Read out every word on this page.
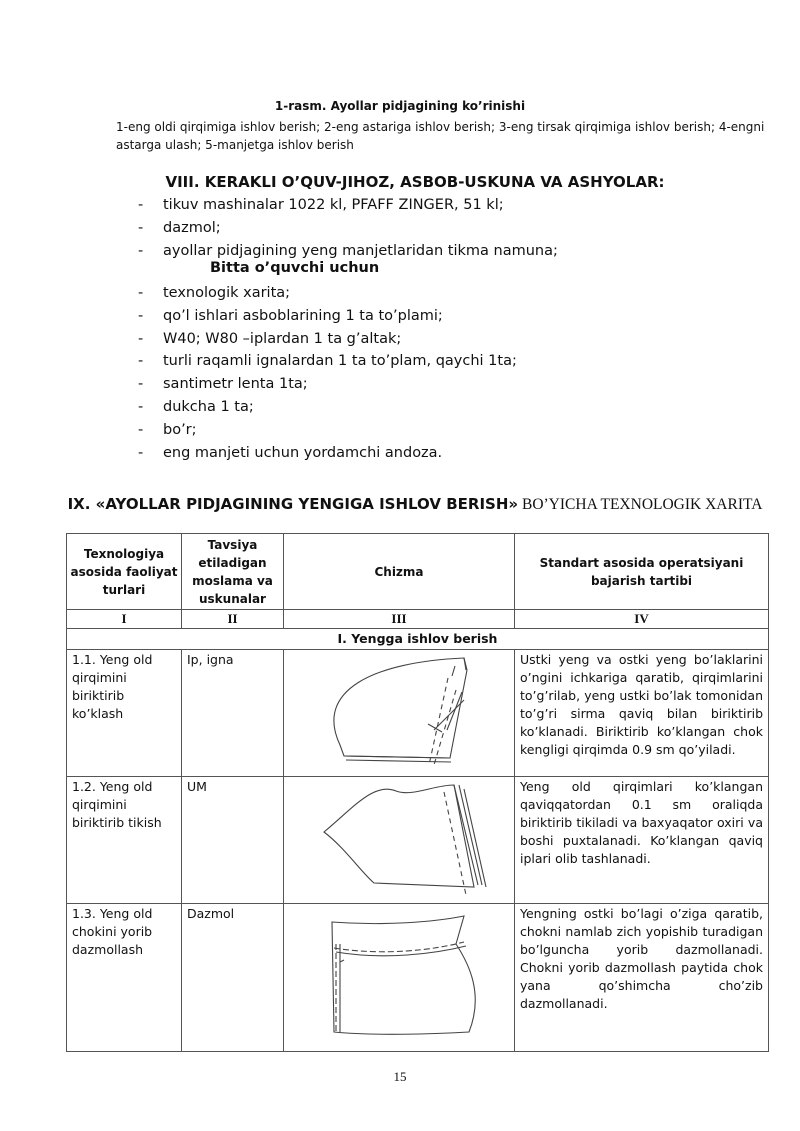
1-rasm. Ayollar pidjagining ko’rinishi
1-eng oldi qirqimiga ishlov berish; 2-eng astariga ishlov berish; 3-eng tirsak qirqimiga ishlov berish; 4-engni astarga ulash; 5-manjetga ishlov berish
VIII. KERAKLI O’QUV-JIHOZ, ASBOB-USKUNA VA ASHYOLAR:
- tikuv mashinalar 1022 kl, PFAFF ZINGER, 51 kl;
- dazmol;
- ayollar pidjagining yeng manjetlaridan tikma namuna;
Bitta o’quvchi uchun
- texnologik xarita;
- qo’l ishlari asboblarining 1 ta to’plami;
- W40; W80 –iplardan 1 ta g’altak;
- turli raqamli ignalardan 1 ta to’plam, qaychi 1ta;
- santimetr lenta 1ta;
- dukcha 1 ta;
- bo’r;
- eng manjeti uchun yordamchi andoza.
IX. «AYOLLAR PIDJAGINING YENGIGA ISHLOV BERISH» BO’YICHA TEXNOLOGIK XARITA
Texnologiya asosida faoliyat turlari	Tavsiya etiladigan moslama va uskunalar	Chizma	Standart asosida operatsiyani bajarish tartibi
I	II	III	IV
I. Yengga ishlov berish			
1.1. Yeng old qirqimini biriktirib ko’klash	Ip, igna		Ustki yeng va ostki yeng bo’laklarini o’ngini ichkariga qaratib, qirqimlarini to’g’rilab, yeng ustki bo’lak tomonidan to’g’ri sirma qaviq bilan biriktirib ko’klanadi. Biriktirib ko’klangan chok kengligi qirqimda 0.9 sm qo’yiladi.
1.2. Yeng old qirqimini biriktirib tikish	UM		Yeng old qirqimlari ko’klangan qaviqqatordan 0.1 sm oraliqda biriktirib tikiladi va baxyaqator oxiri va boshi puxtalanadi. Ko’klangan qaviq iplari olib tashlanadi.
1.3. Yeng old chokini yorib dazmollash	Dazmol		Yengning ostki bo’lagi o’ziga qaratib, chokni namlab zich yopishib turadigan bo’lguncha yorib dazmollanadi. Chokni yorib dazmollash paytida chok yana qo’shimcha cho’zib dazmollanadi.
15
